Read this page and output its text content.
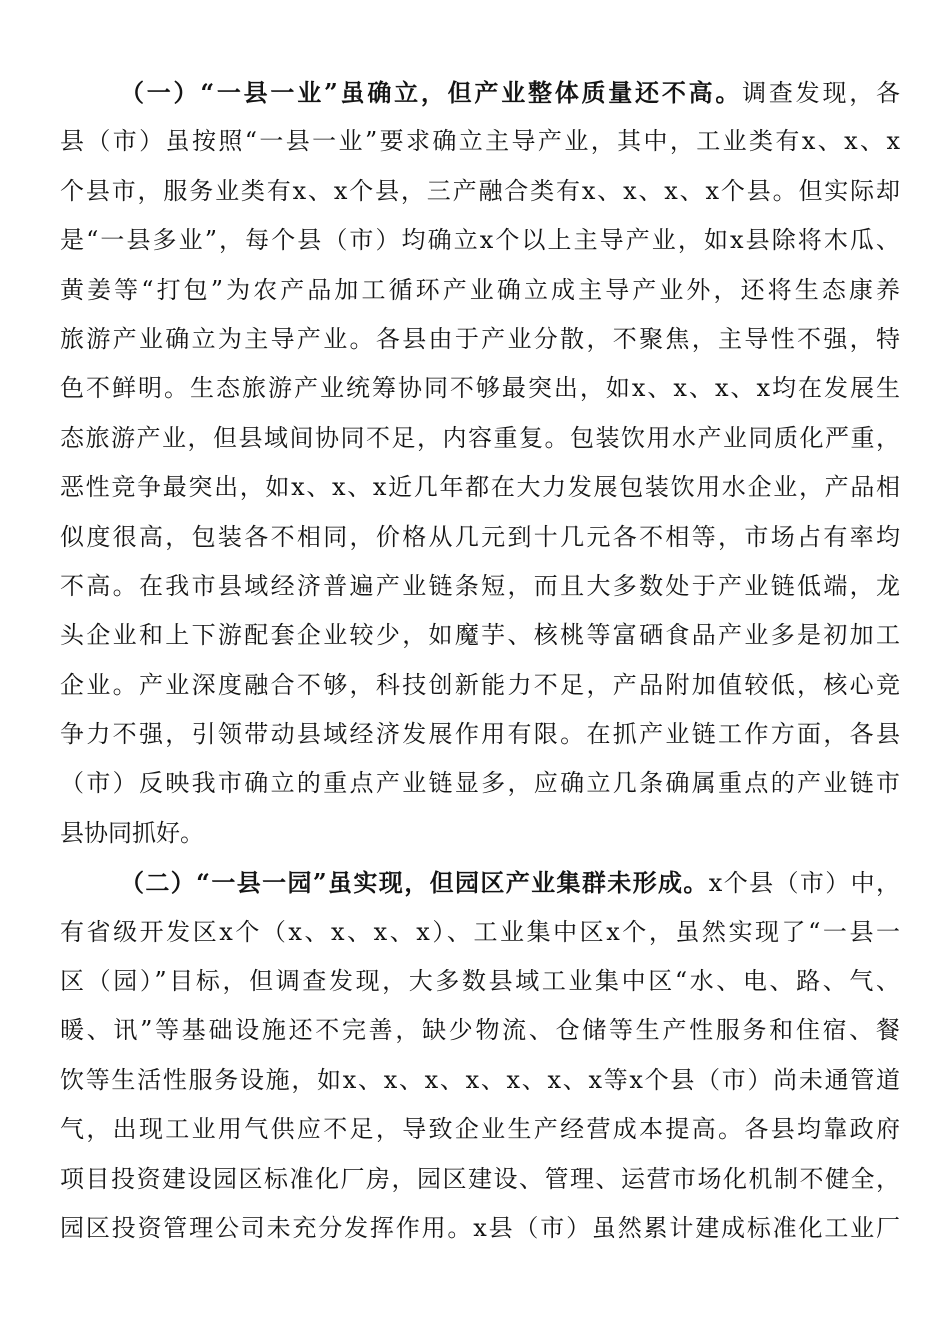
（一）“一县一业”虽确立，但产业整体质量还不高。调查发现，各
县（市）虽按照“一县一业”要求确立主导产业，其中，工业类有x、x、x
个县市，服务业类有x、x个县，三产融合类有x、x、x、x个县。但实际却
是“一县多业”，每个县（市）均确立x个以上主导产业，如x县除将木瓜、
黄姜等“打包”为农产品加工循环产业确立成主导产业外，还将生态康养
旅游产业确立为主导产业。各县由于产业分散，不聚焦，主导性不强，特
色不鲜明。生态旅游产业统筹协同不够最突出，如x、x、x、x均在发展生
态旅游产业，但县域间协同不足，内容重复。包装饮用水产业同质化严重，
恶性竞争最突出，如x、x、x近几年都在大力发展包装饮用水企业，产品相
似度很高，包装各不相同，价格从几元到十几元各不相等，市场占有率均
不高。在我市县域经济普遍产业链条短，而且大多数处于产业链低端，龙
头企业和上下游配套企业较少，如魔芋、核桃等富硒食品产业多是初加工
企业。产业深度融合不够，科技创新能力不足，产品附加值较低，核心竞
争力不强，引领带动县域经济发展作用有限。在抓产业链工作方面，各县
（市）反映我市确立的重点产业链显多，应确立几条确属重点的产业链市
县协同抓好。
（二）“一县一园”虽实现，但园区产业集群未形成。x个县（市）中，
有省级开发区x个（x、x、x、x）、工业集中区x个，虽然实现了“一县一
区（园）”目标，但调查发现，大多数县域工业集中区“水、电、路、气、
暖、讯”等基础设施还不完善，缺少物流、仓储等生产性服务和住宿、餐
饮等生活性服务设施，如x、x、x、x、x、x、x等x个县（市）尚未通管道
气，出现工业用气供应不足，导致企业生产经营成本提高。各县均靠政府
项目投资建设园区标准化厂房，园区建设、管理、运营市场化机制不健全，
园区投资管理公司未充分发挥作用。x县（市）虽然累计建成标准化工业厂
